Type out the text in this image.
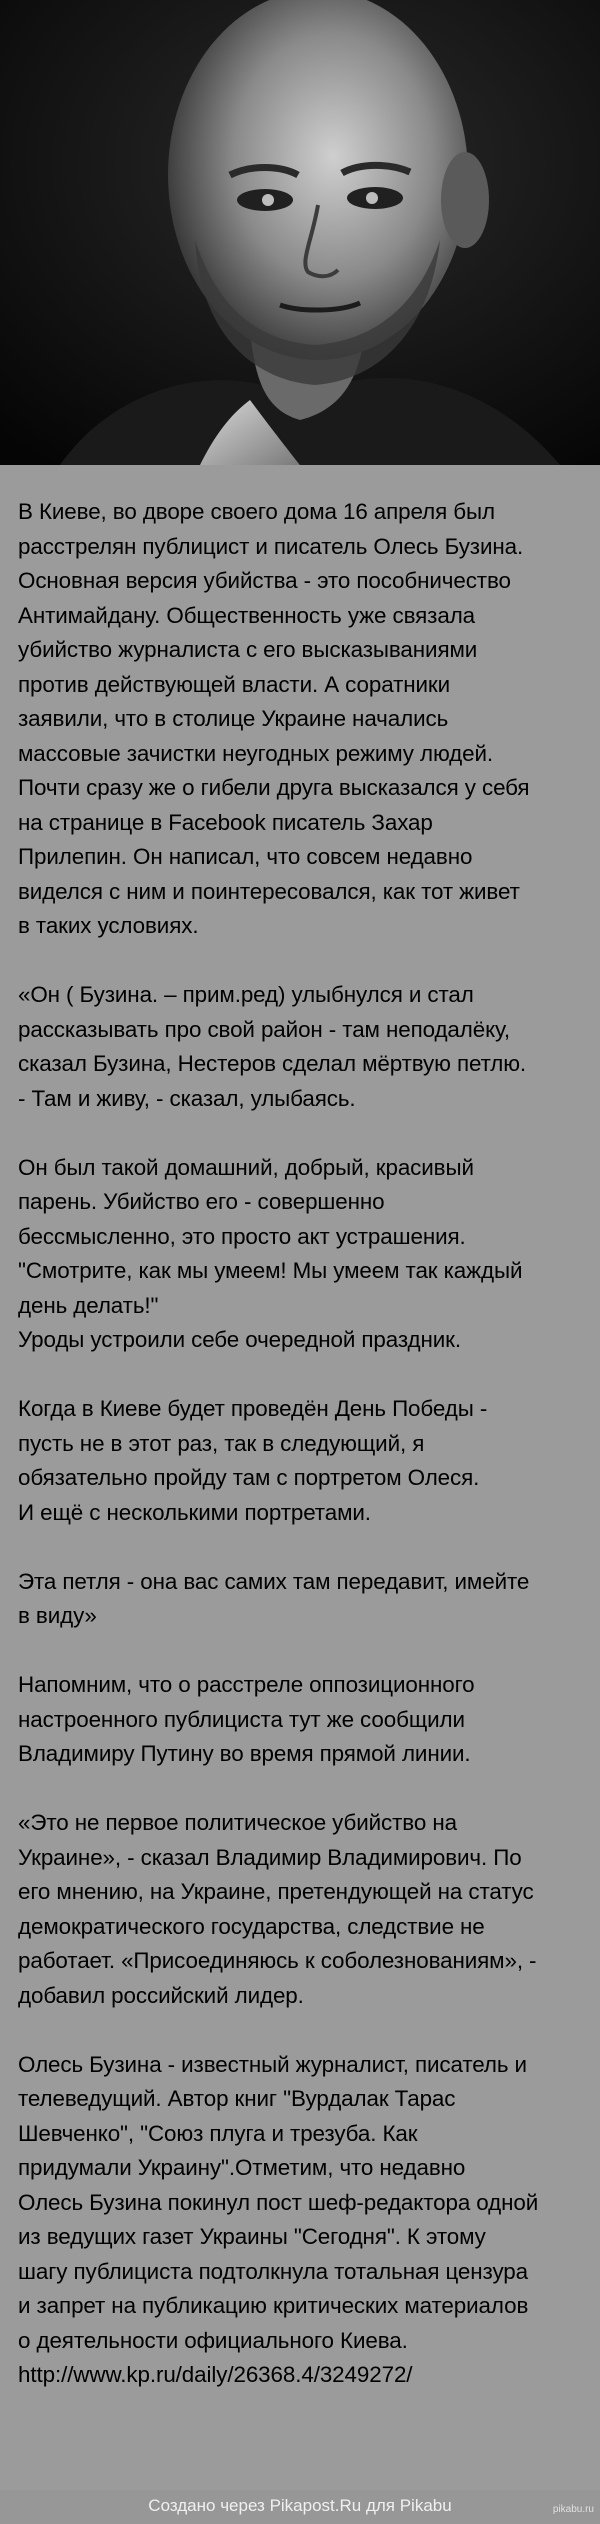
В Киеве, во дворе своего дома 16 апреля был
расстрелян публицист и писатель Олесь Бузина.
Основная версия убийства - это пособничество
Антимайдану. Общественность уже связала
убийство журналиста с его высказываниями
против действующей власти. А соратники
заявили, что в столице Украине начались
массовые зачистки неугодных режиму людей.
Почти сразу же о гибели друга высказался у себя
на странице в Facebook писатель Захар
Прилепин. Он написал, что совсем недавно
виделся с ним и поинтересовался, как тот живет
в таких условиях.

«Он ( Бузина. – прим.ред) улыбнулся и стал
рассказывать про свой район - там неподалёку,
сказал Бузина, Нестеров сделал мёртвую петлю.
- Там и живу, - сказал, улыбаясь.

Он был такой домашний, добрый, красивый
парень. Убийство его - совершенно
бессмысленно, это просто акт устрашения.
"Смотрите, как мы умеем! Мы умеем так каждый
день делать!"
Уроды устроили себе очередной праздник.

Когда в Киеве будет проведён День Победы -
пусть не в этот раз, так в следующий, я
обязательно пройду там с портретом Олеся.
И ещё с несколькими портретами.

Эта петля - она вас самих там передавит, имейте
в виду»

Напомним, что о расстреле оппозиционного
настроенного публициста тут же сообщили
Владимиру Путину во время прямой линии.

«Это не первое политическое убийство на
Украине», - сказал Владимир Владимирович. По
его мнению, на Украине, претендующей на статус
демократического государства, следствие не
работает. «Присоединяюсь к соболезнованиям», -
добавил российский лидер.

Олесь Бузина - известный журналист, писатель и
телеведущий. Автор книг "Вурдалак Тарас
Шевченко", "Союз плуга и трезуба. Как
придумали Украину".Отметим, что недавно
Олесь Бузина покинул пост шеф-редактора одной
из ведущих газет Украины "Сегодня". К этому
шагу публициста подтолкнула тотальная цензура
и запрет на публикацию критических материалов
о деятельности официального Киева.
http://www.kp.ru/daily/26368.4/3249272/

Создано через Pikapost.Ru для Pikabu	pikabu.ru
